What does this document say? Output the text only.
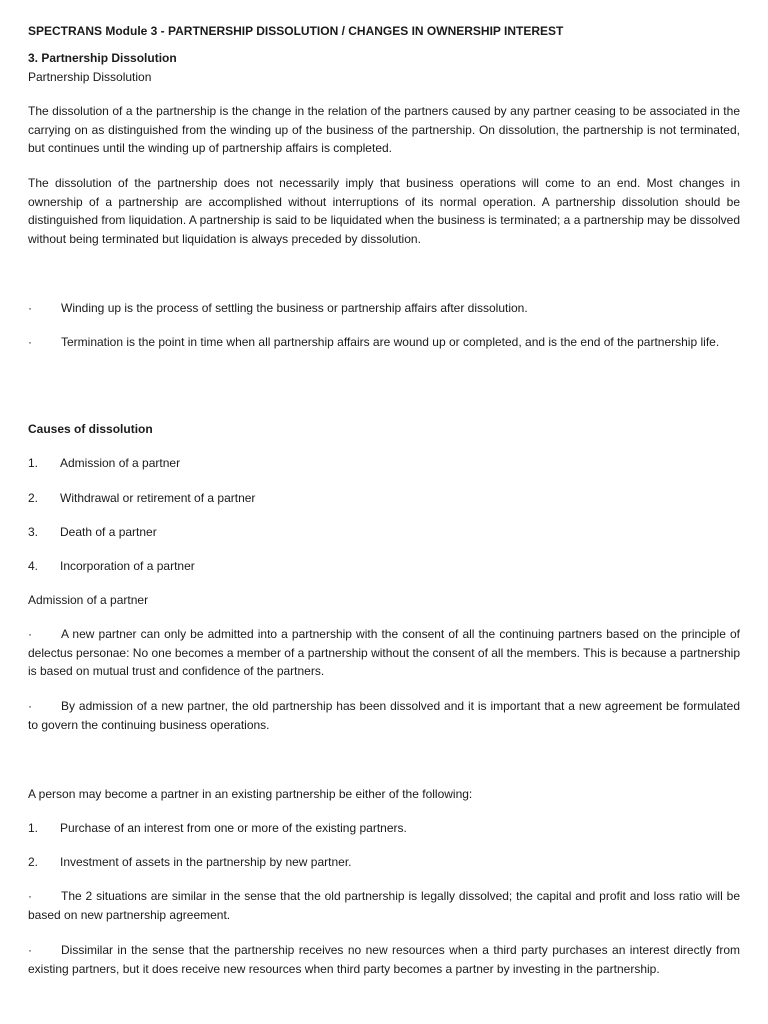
SPECTRANS Module 3 - PARTNERSHIP DISSOLUTION / CHANGES IN OWNERSHIP INTEREST

3. Partnership Dissolution

Partnership Dissolution

The dissolution of a the partnership is the change in the relation of the partners caused by any partner ceasing to be associated in the carrying on as distinguished from the winding up of the business of the partnership. On dissolution, the partnership is not terminated, but continues until the winding up of partnership affairs is completed.

The dissolution of the partnership does not necessarily imply that business operations will come to an end. Most changes in ownership of a partnership are accomplished without interruptions of its normal operation. A partnership dissolution should be distinguished from liquidation. A partnership is said to be liquidated when the business is terminated; a a partnership may be dissolved without being terminated but liquidation is always preceded by dissolution.

· Winding up is the process of settling the business or partnership affairs after dissolution.

· Termination is the point in time when all partnership affairs are wound up or completed, and is the end of the partnership life.

Causes of dissolution

1. Admission of a partner

2. Withdrawal or retirement of a partner

3. Death of a partner

4. Incorporation of a partner

Admission of a partner

· A new partner can only be admitted into a partnership with the consent of all the continuing partners based on the principle of delectus personae: No one becomes a member of a partnership without the consent of all the members. This is because a partnership is based on mutual trust and confidence of the partners.

· By admission of a new partner, the old partnership has been dissolved and it is important that a new agreement be formulated to govern the continuing business operations.

A person may become a partner in an existing partnership be either of the following:

1. Purchase of an interest from one or more of the existing partners.

2. Investment of assets in the partnership by new partner.

· The 2 situations are similar in the sense that the old partnership is legally dissolved; the capital and profit and loss ratio will be based on new partnership agreement.

· Dissimilar in the sense that the partnership receives no new resources when a third party purchases an interest directly from existing partners, but it does receive new resources when third party becomes a partner by investing in the partnership.
